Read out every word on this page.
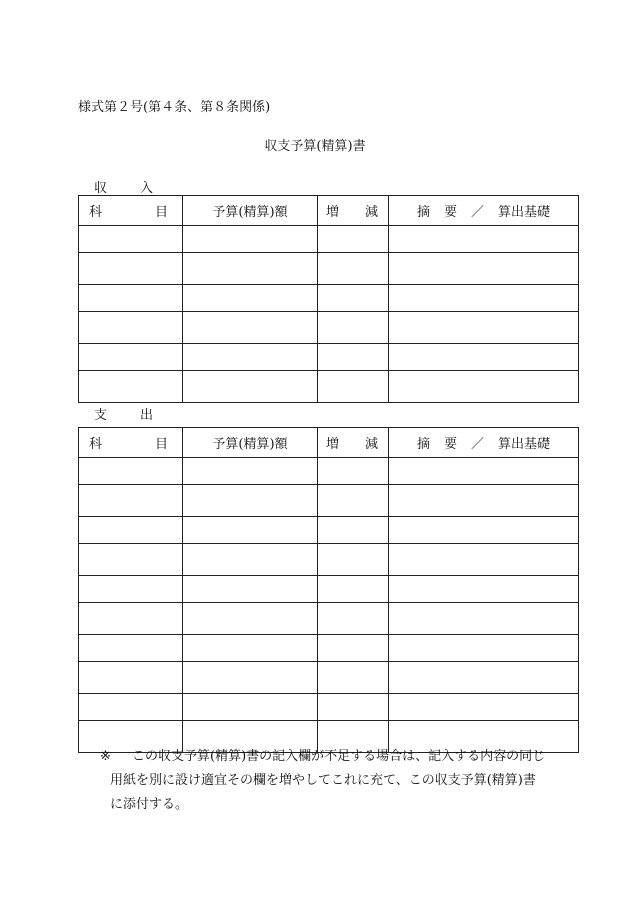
様式第２号(第４条、第８条関係)
収支予算(精算)書
収　入
科 目	予算(精算)額	増 減	摘 要 ／ 算出基礎

支　出
科 目	予算(精算)額	増 減	摘 要 ／ 算出基礎

※ この収支予算(精算)書の記入欄が不足する場合は、記入する内容の同じ
用紙を別に設け適宜その欄を増やしてこれに充て、この収支予算(精算)書
に添付する。
